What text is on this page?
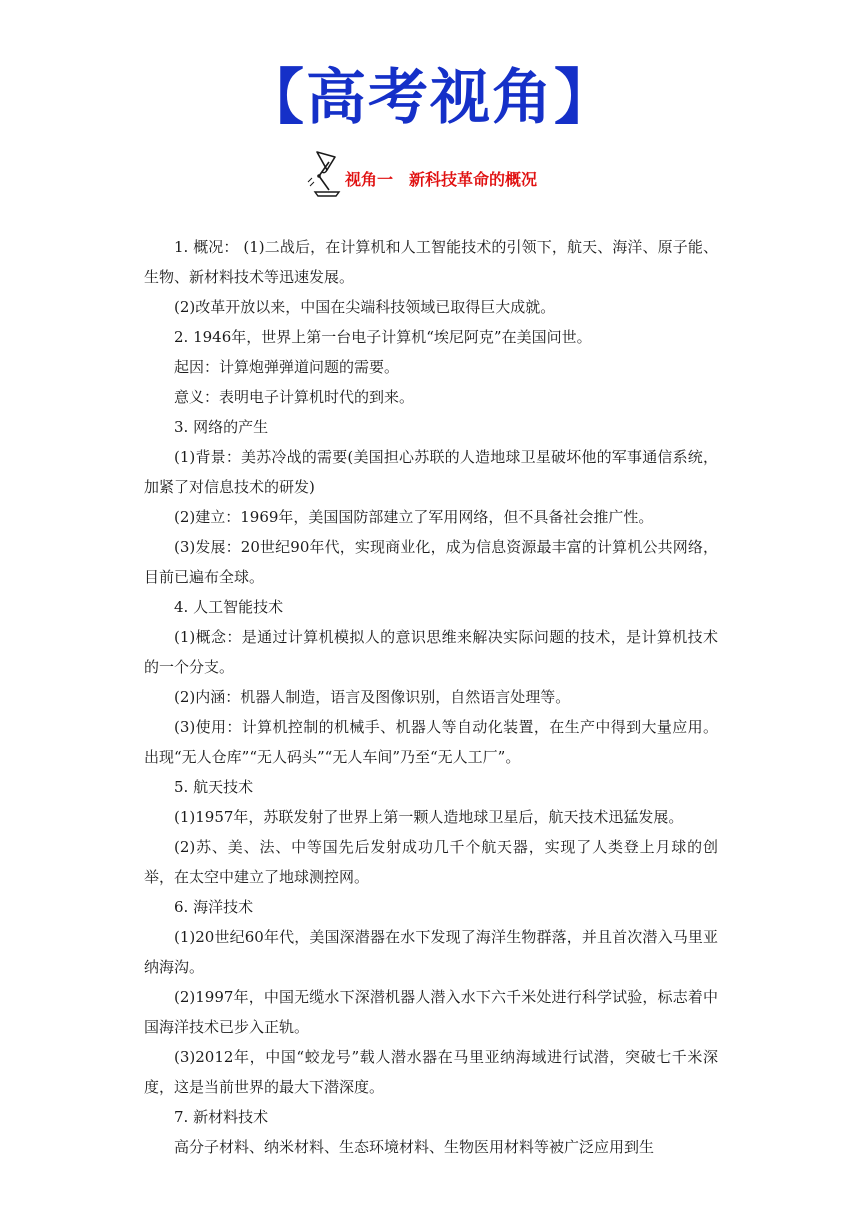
【高考视角】
视角一　新科技革命的概况

1. 概况： (1)二战后，在计算机和人工智能技术的引领下，航天、海洋、原子能、生物、新材料技术等迅速发展。

(2)改革开放以来，中国在尖端科技领域已取得巨大成就。

2. 1946年，世界上第一台电子计算机“埃尼阿克”在美国问世。

起因：计算炮弹弹道问题的需要。

意义：表明电子计算机时代的到来。

3. 网络的产生

(1)背景：美苏冷战的需要(美国担心苏联的人造地球卫星破坏他的军事通信系统，加紧了对信息技术的研发)

(2)建立：1969年，美国国防部建立了军用网络，但不具备社会推广性。

(3)发展：20世纪90年代，实现商业化，成为信息资源最丰富的计算机公共网络，目前已遍布全球。

4. 人工智能技术

(1)概念：是通过计算机模拟人的意识思维来解决实际问题的技术，是计算机技术的一个分支。

(2)内涵：机器人制造，语言及图像识别，自然语言处理等。

(3)使用：计算机控制的机械手、机器人等自动化装置，在生产中得到大量应用。出现“无人仓库”“无人码头”“无人车间”乃至“无人工厂”。

5. 航天技术

(1)1957年，苏联发射了世界上第一颗人造地球卫星后，航天技术迅猛发展。

(2)苏、美、法、中等国先后发射成功几千个航天器，实现了人类登上月球的创举，在太空中建立了地球测控网。

6. 海洋技术

(1)20世纪60年代，美国深潜器在水下发现了海洋生物群落，并且首次潜入马里亚纳海沟。

(2)1997年，中国无缆水下深潜机器人潜入水下六千米处进行科学试验，标志着中国海洋技术已步入正轨。

(3)2012年，中国“蛟龙号”载人潜水器在马里亚纳海域进行试潜，突破七千米深度，这是当前世界的最大下潜深度。

7. 新材料技术

高分子材料、纳米材料、生态环境材料、生物医用材料等被广泛应用到生
